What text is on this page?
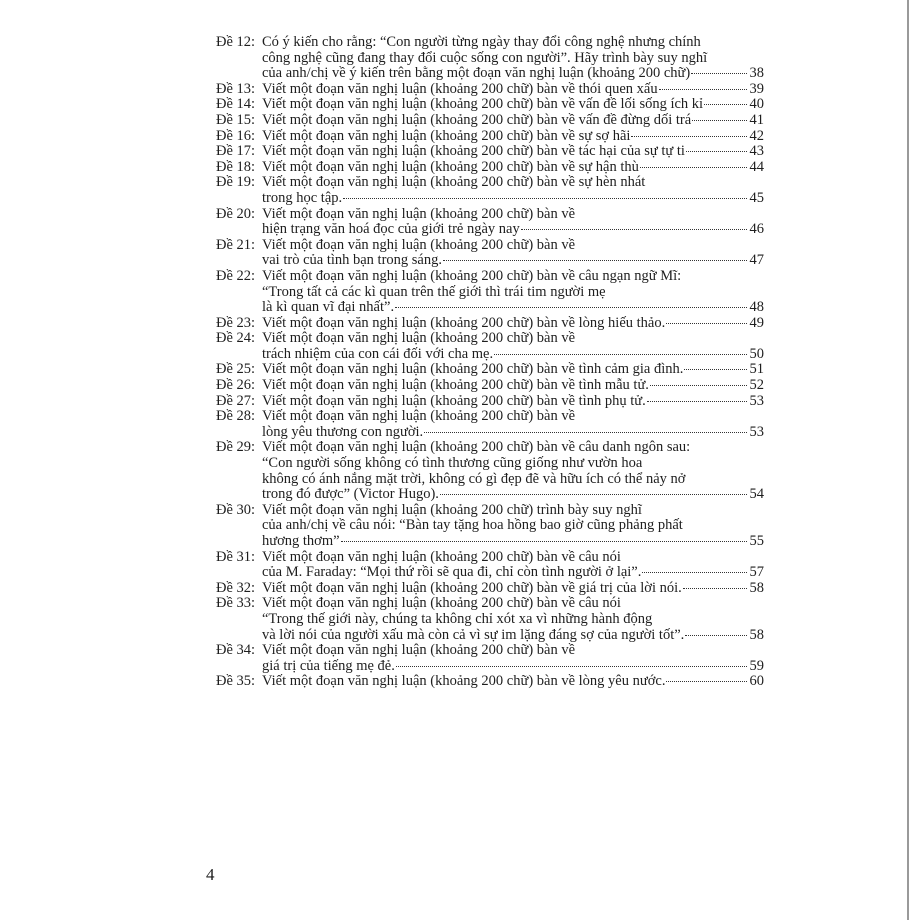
Đề 12: Có ý kiến cho rằng: “Con người từng ngày thay đổi công nghệ nhưng chính
công nghệ cũng đang thay đổi cuộc sống con người”. Hãy trình bày suy nghĩ
của anh/chị về ý kiến trên bằng một đoạn văn nghị luận (khoảng 200 chữ)	38
Đề 13: Viết một đoạn văn nghị luận (khoảng 200 chữ) bàn về thói quen xấu	39
Đề 14: Viết một đoạn văn nghị luận (khoảng 200 chữ) bàn về vấn đề lối sống ích kỉ	40
Đề 15: Viết một đoạn văn nghị luận (khoảng 200 chữ) bàn về vấn đề đừng dối trá	41
Đề 16: Viết một đoạn văn nghị luận (khoảng 200 chữ) bàn về sự sợ hãi	42
Đề 17: Viết một đoạn văn nghị luận (khoảng 200 chữ) bàn về tác hại của sự tự ti	43
Đề 18: Viết một đoạn văn nghị luận (khoảng 200 chữ) bàn về sự hận thù	44
Đề 19: Viết một đoạn văn nghị luận (khoảng 200 chữ) bàn về sự hèn nhát
trong học tập.	45
Đề 20: Viết một đoạn văn nghị luận (khoảng 200 chữ) bàn về
hiện trạng văn hoá đọc của giới trẻ ngày nay	46
Đề 21: Viết một đoạn văn nghị luận (khoảng 200 chữ) bàn về
vai trò của tình bạn trong sáng.	47
Đề 22: Viết một đoạn văn nghị luận (khoảng 200 chữ) bàn về câu ngạn ngữ Mĩ:
“Trong tất cả các kì quan trên thế giới thì trái tim người mẹ
là kì quan vĩ đại nhất”.	48
Đề 23: Viết một đoạn văn nghị luận (khoảng 200 chữ) bàn về lòng hiếu thảo.	49
Đề 24: Viết một đoạn văn nghị luận (khoảng 200 chữ) bàn về
trách nhiệm của con cái đối với cha mẹ.	50
Đề 25: Viết một đoạn văn nghị luận (khoảng 200 chữ) bàn về tình cảm gia đình.	51
Đề 26: Viết một đoạn văn nghị luận (khoảng 200 chữ) bàn về tình mẫu tử.	52
Đề 27: Viết một đoạn văn nghị luận (khoảng 200 chữ) bàn về tình phụ tử.	53
Đề 28: Viết một đoạn văn nghị luận (khoảng 200 chữ) bàn về
lòng yêu thương con người.	53
Đề 29: Viết một đoạn văn nghị luận (khoảng 200 chữ) bàn về câu danh ngôn sau:
“Con người sống không có tình thương cũng giống như vườn hoa
không có ánh nắng mặt trời, không có gì đẹp đẽ và hữu ích có thể nảy nở
trong đó được” (Victor Hugo).	54
Đề 30: Viết một đoạn văn nghị luận (khoảng 200 chữ) trình bày suy nghĩ
của anh/chị về câu nói: “Bàn tay tặng hoa hồng bao giờ cũng phảng phất
hương thơm”	55
Đề 31: Viết một đoạn văn nghị luận (khoảng 200 chữ) bàn về câu nói
của M. Faraday: “Mọi thứ rồi sẽ qua đi, chỉ còn tình người ở lại”.	57
Đề 32: Viết một đoạn văn nghị luận (khoảng 200 chữ) bàn về giá trị của lời nói.	58
Đề 33: Viết một đoạn văn nghị luận (khoảng 200 chữ) bàn về câu nói
“Trong thế giới này, chúng ta không chỉ xót xa vì những hành động
và lời nói của người xấu mà còn cả vì sự im lặng đáng sợ của người tốt”.	58
Đề 34: Viết một đoạn văn nghị luận (khoảng 200 chữ) bàn về
giá trị của tiếng mẹ đẻ.	59
Đề 35: Viết một đoạn văn nghị luận (khoảng 200 chữ) bàn về lòng yêu nước.	60
4
